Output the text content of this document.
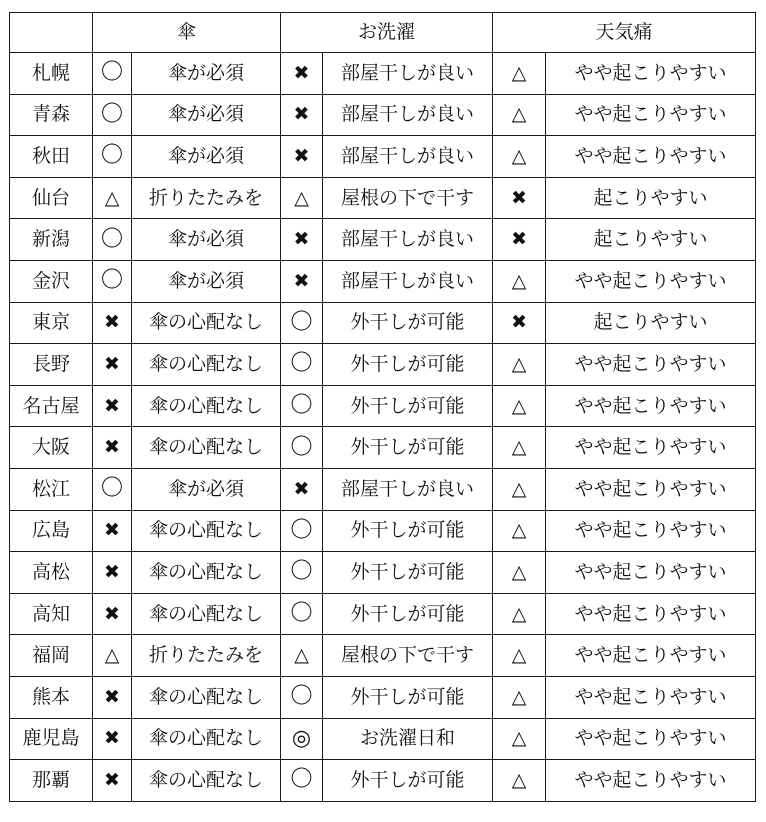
	傘		お洗濯		天気痛	
札幌	〇	傘が必須	✖	部屋干しが良い	△	やや起こりやすい
青森	〇	傘が必須	✖	部屋干しが良い	△	やや起こりやすい
秋田	〇	傘が必須	✖	部屋干しが良い	△	やや起こりやすい
仙台	△	折りたたみを	△	屋根の下で干す	✖	起こりやすい
新潟	〇	傘が必須	✖	部屋干しが良い	✖	起こりやすい
金沢	〇	傘が必須	✖	部屋干しが良い	△	やや起こりやすい
東京	✖	傘の心配なし	〇	外干しが可能	✖	起こりやすい
長野	✖	傘の心配なし	〇	外干しが可能	△	やや起こりやすい
名古屋	✖	傘の心配なし	〇	外干しが可能	△	やや起こりやすい
大阪	✖	傘の心配なし	〇	外干しが可能	△	やや起こりやすい
松江	〇	傘が必須	✖	部屋干しが良い	△	やや起こりやすい
広島	✖	傘の心配なし	〇	外干しが可能	△	やや起こりやすい
高松	✖	傘の心配なし	〇	外干しが可能	△	やや起こりやすい
高知	✖	傘の心配なし	〇	外干しが可能	△	やや起こりやすい
福岡	△	折りたたみを	△	屋根の下で干す	△	やや起こりやすい
熊本	✖	傘の心配なし	〇	外干しが可能	△	やや起こりやすい
鹿児島	✖	傘の心配なし	◎	お洗濯日和	△	やや起こりやすい
那覇	✖	傘の心配なし	〇	外干しが可能	△	やや起こりやすい
